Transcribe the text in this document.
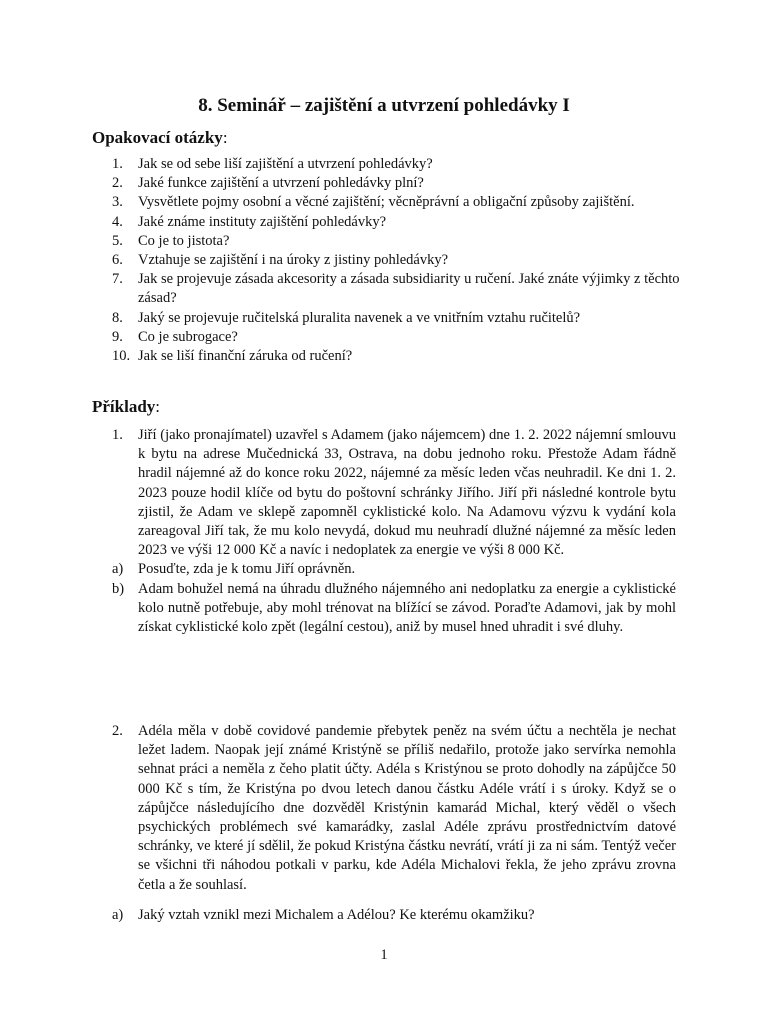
8. Seminář – zajištění a utvrzení pohledávky I
Opakovací otázky:
1.	Jak se od sebe liší zajištění a utvrzení pohledávky?
2.	Jaké funkce zajištění a utvrzení pohledávky plní?
3.	Vysvětlete pojmy osobní a věcné zajištění; věcněprávní a obligační způsoby zajištění.
4.	Jaké známe instituty zajištění pohledávky?
5.	Co je to jistota?
6.	Vztahuje se zajištění i na úroky z jistiny pohledávky?
7.	Jak se projevuje zásada akcesority a zásada subsidiarity u ručení. Jaké znáte výjimky z těchto zásad?
8.	Jaký se projevuje ručitelská pluralita navenek a ve vnitřním vztahu ručitelů?
9.	Co je subrogace?
10. Jak se liší finanční záruka od ručení?
Příklady:
1. Jiří (jako pronajímatel) uzavřel s Adamem (jako nájemcem) dne 1. 2. 2022 nájemní smlouvu k bytu na adrese Mučednická 33, Ostrava, na dobu jednoho roku. Přestože Adam řádně hradil nájemné až do konce roku 2022, nájemné za měsíc leden včas neuhradil. Ke dni 1. 2. 2023 pouze hodil klíče od bytu do poštovní schránky Jiřího. Jiří při následné kontrole bytu zjistil, že Adam ve sklepě zapomněl cyklistické kolo. Na Adamovu výzvu k vydání kola zareagoval Jiří tak, že mu kolo nevydá, dokud mu neuhradí dlužné nájemné za měsíc leden 2023 ve výši 12 000 Kč a navíc i nedoplatek za energie ve výši 8 000 Kč.
a) Posuďte, zda je k tomu Jiří oprávněn.
b) Adam bohužel nemá na úhradu dlužného nájemného ani nedoplatku za energie a cyklistické kolo nutně potřebuje, aby mohl trénovat na blížící se závod. Poraďte Adamovi, jak by mohl získat cyklistické kolo zpět (legální cestou), aniž by musel hned uhradit i své dluhy.
2. Adéla měla v době covidové pandemie přebytek peněz na svém účtu a nechtěla je nechat ležet ladem. Naopak její známé Kristýně se příliš nedařilo, protože jako servírka nemohla sehnat práci a neměla z čeho platit účty. Adéla s Kristýnou se proto dohodly na zápůjčce 50 000 Kč s tím, že Kristýna po dvou letech danou částku Adéle vrátí i s úroky. Když se o zápůjčce následujícího dne dozvěděl Kristýnin kamarád Michal, který věděl o všech psychických problémech své kamarádky, zaslal Adéle zprávu prostřednictvím datové schránky, ve které jí sdělil, že pokud Kristýna částku nevrátí, vrátí ji za ni sám. Tentýž večer se všichni tři náhodou potkali v parku, kde Adéla Michalovi řekla, že jeho zprávu zrovna četla a že souhlasí.
a) Jaký vztah vznikl mezi Michalem a Adélou? Ke kterému okamžiku?
1
